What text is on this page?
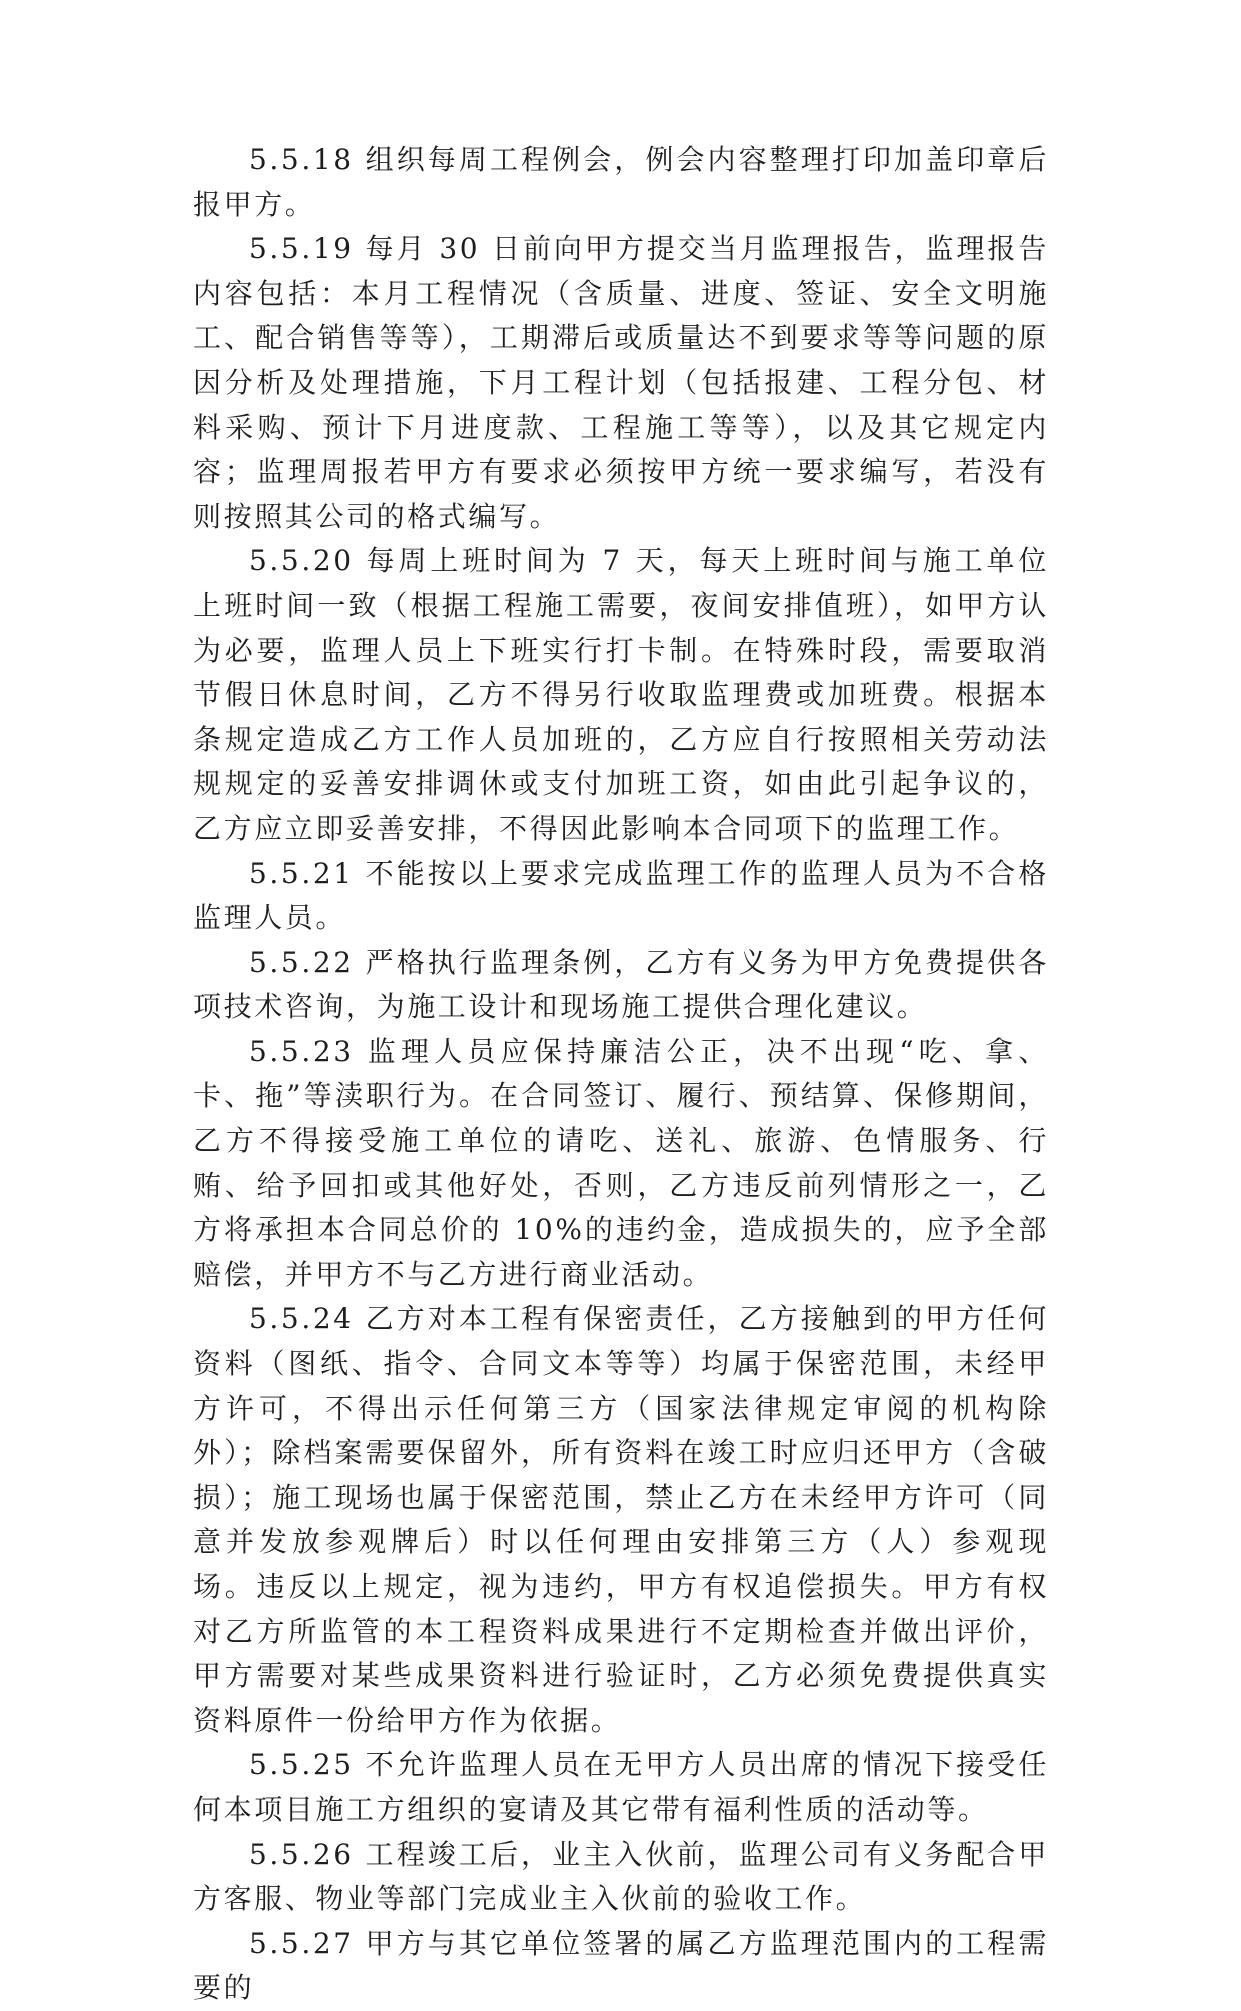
5.5.18 组织每周工程例会，例会内容整理打印加盖印章后报甲方。

5.5.19 每月 30 日前向甲方提交当月监理报告，监理报告内容包括：本月工程情况（含质量、进度、签证、安全文明施工、配合销售等等），工期滞后或质量达不到要求等等问题的原因分析及处理措施，下月工程计划（包括报建、工程分包、材料采购、预计下月进度款、工程施工等等），以及其它规定内容；监理周报若甲方有要求必须按甲方统一要求编写，若没有则按照其公司的格式编写。

5.5.20 每周上班时间为 7 天，每天上班时间与施工单位上班时间一致（根据工程施工需要，夜间安排值班），如甲方认为必要，监理人员上下班实行打卡制。在特殊时段，需要取消节假日休息时间，乙方不得另行收取监理费或加班费。根据本条规定造成乙方工作人员加班的，乙方应自行按照相关劳动法规规定的妥善安排调休或支付加班工资，如由此引起争议的，乙方应立即妥善安排，不得因此影响本合同项下的监理工作。

5.5.21 不能按以上要求完成监理工作的监理人员为不合格监理人员。

5.5.22 严格执行监理条例，乙方有义务为甲方免费提供各项技术咨询，为施工设计和现场施工提供合理化建议。

5.5.23 监理人员应保持廉洁公正，决不出现“吃、拿、卡、拖”等渎职行为。在合同签订、履行、预结算、保修期间，乙方不得接受施工单位的请吃、送礼、旅游、色情服务、行贿、给予回扣或其他好处，否则，乙方违反前列情形之一，乙方将承担本合同总价的 10%的违约金，造成损失的，应予全部赔偿，并甲方不与乙方进行商业活动。

5.5.24 乙方对本工程有保密责任，乙方接触到的甲方任何资料（图纸、指令、合同文本等等）均属于保密范围，未经甲方许可，不得出示任何第三方（国家法律规定审阅的机构除外）；除档案需要保留外，所有资料在竣工时应归还甲方（含破损）；施工现场也属于保密范围，禁止乙方在未经甲方许可（同意并发放参观牌后）时以任何理由安排第三方（人）参观现场。违反以上规定，视为违约，甲方有权追偿损失。甲方有权对乙方所监管的本工程资料成果进行不定期检查并做出评价，甲方需要对某些成果资料进行验证时，乙方必须免费提供真实资料原件一份给甲方作为依据。

5.5.25 不允许监理人员在无甲方人员出席的情况下接受任何本项目施工方组织的宴请及其它带有福利性质的活动等。

5.5.26 工程竣工后，业主入伙前，监理公司有义务配合甲方客服、物业等部门完成业主入伙前的验收工作。

5.5.27 甲方与其它单位签署的属乙方监理范围内的工程需要的
